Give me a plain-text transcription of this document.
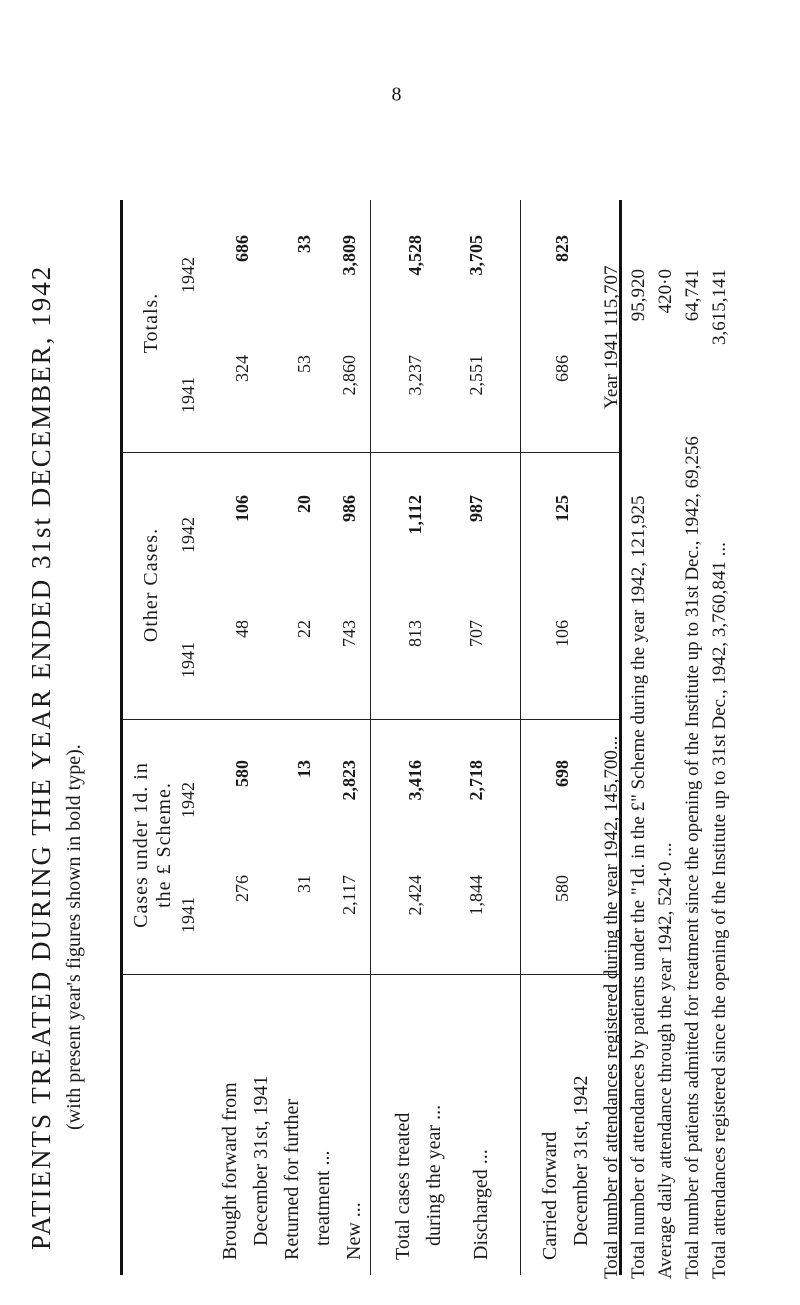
PATIENTS TREATED DURING THE YEAR ENDED 31st DECEMBER, 1942 (with present year's figures shown in bold type).
8
Cases under 1d. in the £ Scheme.
Other Cases.
Totals.
1941
1942
1941
1942
1941
1942
Brought forward from December 31st, 1941 Returned for further treatment ... New ... Total cases treated during the year ... Discharged ... Carried forward December 31st, 1942
276
580
48
106
324
686
31
13
22
20
53
33
2,117
2,823
743
986
2,860
3,809
2,424
3,416
813
1,112
3,237
4,528
1,844
2,718
707
987
2,551
3,705
580
698
106
125
686
823
Total number of attendances registered during the year 1942, 145,700...
Year 1941 115,707
Total number of attendances by patients under the "1d. in the £" Scheme during the year 1942, 121,925
95,920
Average daily attendance through the year 1942, 524·0 ...
420·0
Total number of patients admitted for treatment since the opening of the Institute up to 31st Dec., 1942, 69,256
64,741
Total attendances registered since the opening of the Institute up to 31st Dec., 1942, 3,760,841 ...
3,615,141
